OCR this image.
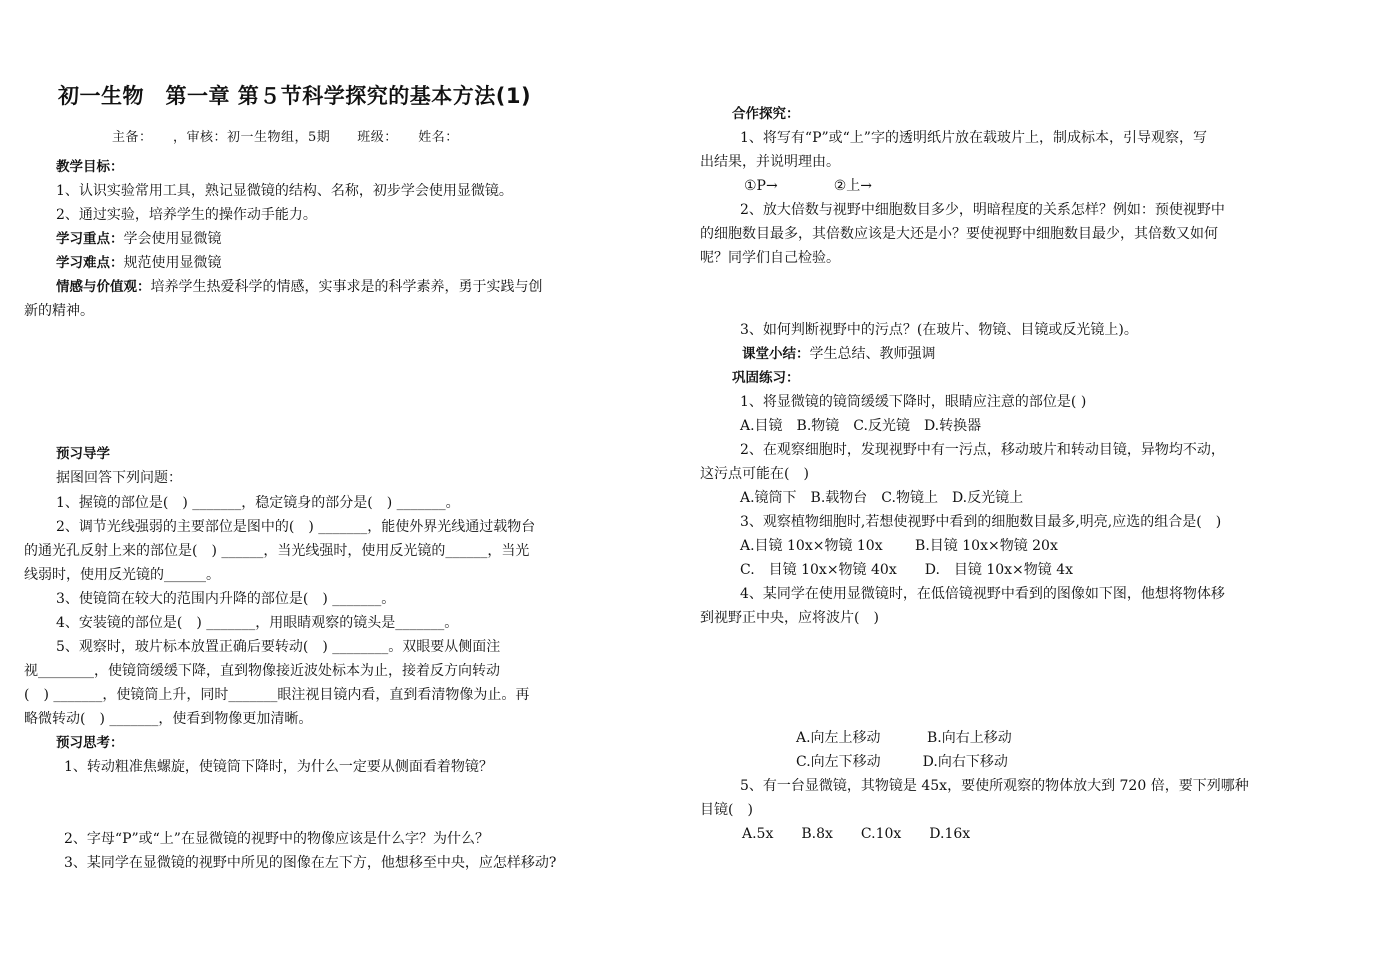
初一生物　第一章 第５节科学探究的基本方法(1)
主备：　　，审核：初一生物组，5期　　班级：　　姓名：
教学目标：
1、认识实验常用工具，熟记显微镜的结构、名称，初步学会使用显微镜。
2、通过实验，培养学生的操作动手能力。
学习重点：学会使用显微镜
学习难点：规范使用显微镜
情感与价值观：培养学生热爱科学的情感，实事求是的科学素养，勇于实践与创
新的精神。
预习导学
据图回答下列问题：
1、握镜的部位是(　) _______，稳定镜身的部分是(　) _______。
2、调节光线强弱的主要部位是图中的(　) _______，能使外界光线通过载物台
的通光孔反射上来的部位是(　) ______，当光线强时，使用反光镜的______，当光
线弱时，使用反光镜的______。
3、使镜筒在较大的范围内升降的部位是(　) _______。
4、安装镜的部位是(　) _______，用眼睛观察的镜头是_______。
5、观察时，玻片标本放置正确后要转动(　) ________。双眼要从侧面注
视________，使镜筒缓缓下降，直到物像接近波处标本为止，接着反方向转动
(　) _______，使镜筒上升，同时_______眼注视目镜内看，直到看清物像为止。再
略微转动(　) _______，使看到物像更加清晰。
预习思考：
1、转动粗准焦螺旋，使镜筒下降时，为什么一定要从侧面看着物镜？
2、字母“P”或“上”在显微镜的视野中的物像应该是什么字？为什么？
3、某同学在显微镜的视野中所见的图像在左下方，他想移至中央，应怎样移动?
合作探究：
1、将写有“P”或“上”字的透明纸片放在载玻片上，制成标本，引导观察，写
出结果，并说明理由。
①P→　　　　②上→
2、放大倍数与视野中细胞数目多少，明暗程度的关系怎样？例如：预使视野中
的细胞数目最多，其倍数应该是大还是小？要使视野中细胞数目最少，其倍数又如何
呢？同学们自己检验。
3、如何判断视野中的污点？(在玻片、物镜、目镜或反光镜上)。
课堂小结：学生总结、教师强调
巩固练习：
1、将显微镜的镜筒缓缓下降时，眼睛应注意的部位是( )
A.目镜　B.物镜　C.反光镜　D.转换器
2、在观察细胞时，发现视野中有一污点，移动玻片和转动目镜，异物均不动，
这污点可能在(　)
A.镜筒下　B.载物台　C.物镜上　D.反光镜上
3、观察植物细胞时,若想使视野中看到的细胞数目最多,明亮,应选的组合是(　)
A.目镜 10x×物镜 10x　　 B.目镜 10x×物镜 20x
C.　目镜 10x×物镜 40x　　D.　目镜 10x×物镜 4x
4、某同学在使用显微镜时，在低倍镜视野中看到的图像如下图，他想将物体移
到视野正中央，应将波片(　)
A.向左上移动　　　 B.向右上移动
C.向左下移动　　　D.向右下移动
5、有一台显微镜，其物镜是 45x，要使所观察的物体放大到 720 倍，要下列哪种
目镜(　)
A.5x　　B.8x　　C.10x　　D.16x
